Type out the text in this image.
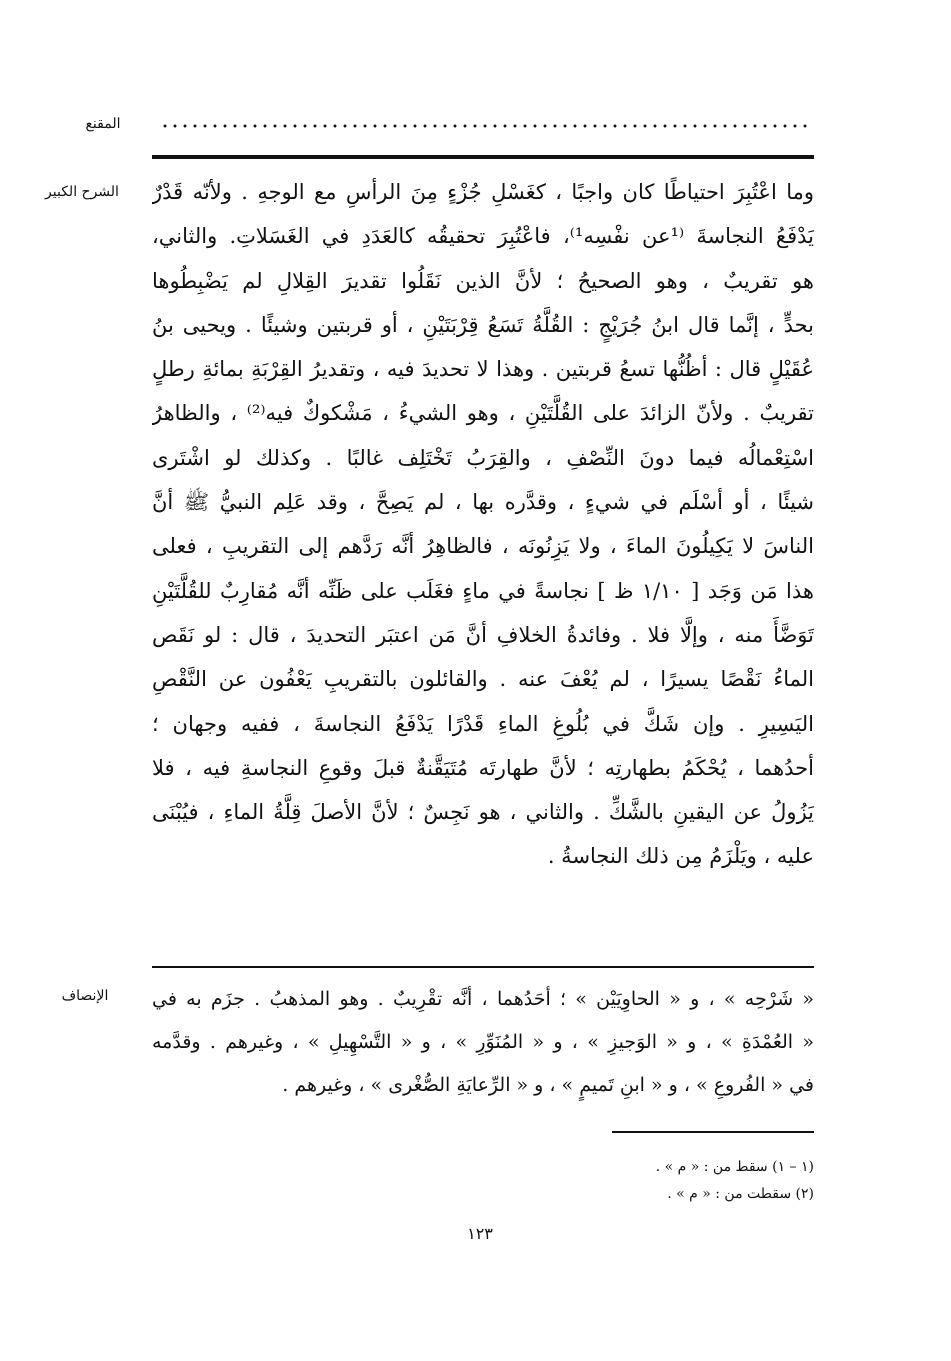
المقنع
الشرح الكبير وما اعْتُبِرَ احتياطًا كان واجبًا ، كغَسْلِ جُزْءٍ مِنَ الرأسِ مع الوجهِ . ولأنّه قَدْرٌ
يَدْفَعُ النجاسةَ ⁽¹عن نفْسِه¹⁾، فاعْتُبِرَ تحقيقُه كالعَدَدِ في الغَسَلاتِ. والثاني،
هو تقريبٌ ، وهو الصحيحُ ؛ لأنَّ الذين نَقَلُوا تقديرَ القِلالِ لم يَضْبِطُوها
بحدٍّ ، إنَّما قال ابنُ جُرَيْجٍ : القُلَّةُ تَسَعُ قِرْبَتَيْنِ ، أو قربتين وشيئًا . ويحيى بنُ
عُقَيْلٍ قال : أظُنُّها تسعُ قربتين . وهذا لا تحديدَ فيه ، وتقديرُ القِرْبَةِ بمائةِ رطلٍ
تقريبٌ . ولأنّ الزائدَ على القُلَّتَيْنِ ، وهو الشيءُ ، مَشْكوكٌ فيه⁽²⁾ ، والظاهرُ
اسْتِعْمالُه فيما دونَ النِّصْفِ ، والقِرَبُ تَخْتَلِف غالبًا . وكذلك لو اشْتَرى
شيئًا ، أو أسْلَم في شيءٍ ، وقدَّره بها ، لم يَصِحَّ ، وقد عَلِم النبيُّ ﷺ أنَّ
الناسَ لا يَكِيلُونَ الماءَ ، ولا يَزِنُونَه ، فالظاهِرُ أنَّه رَدَّهم إلى التقريبِ ، فعلى
هذا مَن وَجَد [ ١/١٠ ظ ] نجاسةً في ماءٍ فغَلَب على ظَنِّه أنَّه مُقارِبٌ للقُلَّتَيْنِ
تَوَضَّأَ منه ، وإلَّا فلا . وفائدةُ الخلافِ أنَّ مَن اعتبَر التحديدَ ، قال : لو نَقَص
الماءُ نَقْصًا يسيرًا ، لم يُعْفَ عنه . والقائلون بالتقريبِ يَعْفُون عن النَّقْصِ
اليَسِيرِ . وإن شَكَّ في بُلُوغِ الماءِ قَدْرًا يَدْفَعُ النجاسةَ ، ففيه وجهان ؛
أحدُهما ، يُحْكَمُ بطهارتِه ؛ لأنَّ طهارتَه مُتَيَقَّنةٌ قبلَ وقوعِ النجاسةِ فيه ، فلا
يَزُولُ عن اليقينِ بالشَّكِّ . والثاني ، هو نَجِسٌ ؛ لأنَّ الأصلَ قِلَّةُ الماءِ ، فيُبْنَى
عليه ، ويَلْزَمُ مِن ذلك النجاسةُ .
الإنصاف	« شَرْحِه » ، و « الحاوِيَيْن » ؛ أحَدُهما ، أنَّه تقْرِيبٌ . وهو المذهبُ . جزَم به في
« العُمْدَةِ » ، و « الوَجيزِ » ، و « المُنَوِّرِ » ، و « التَّسْهِيلِ » ، وغيرهم . وقدَّمه
في « الفُروعِ » ، و « ابنِ تَميمٍ » ، و « الرِّعايَةِ الصُّغْرى » ، وغيرهم .
(١ – ١) سقط من : « م » .
(٢) سقطت من : « م » .
١٢٣
